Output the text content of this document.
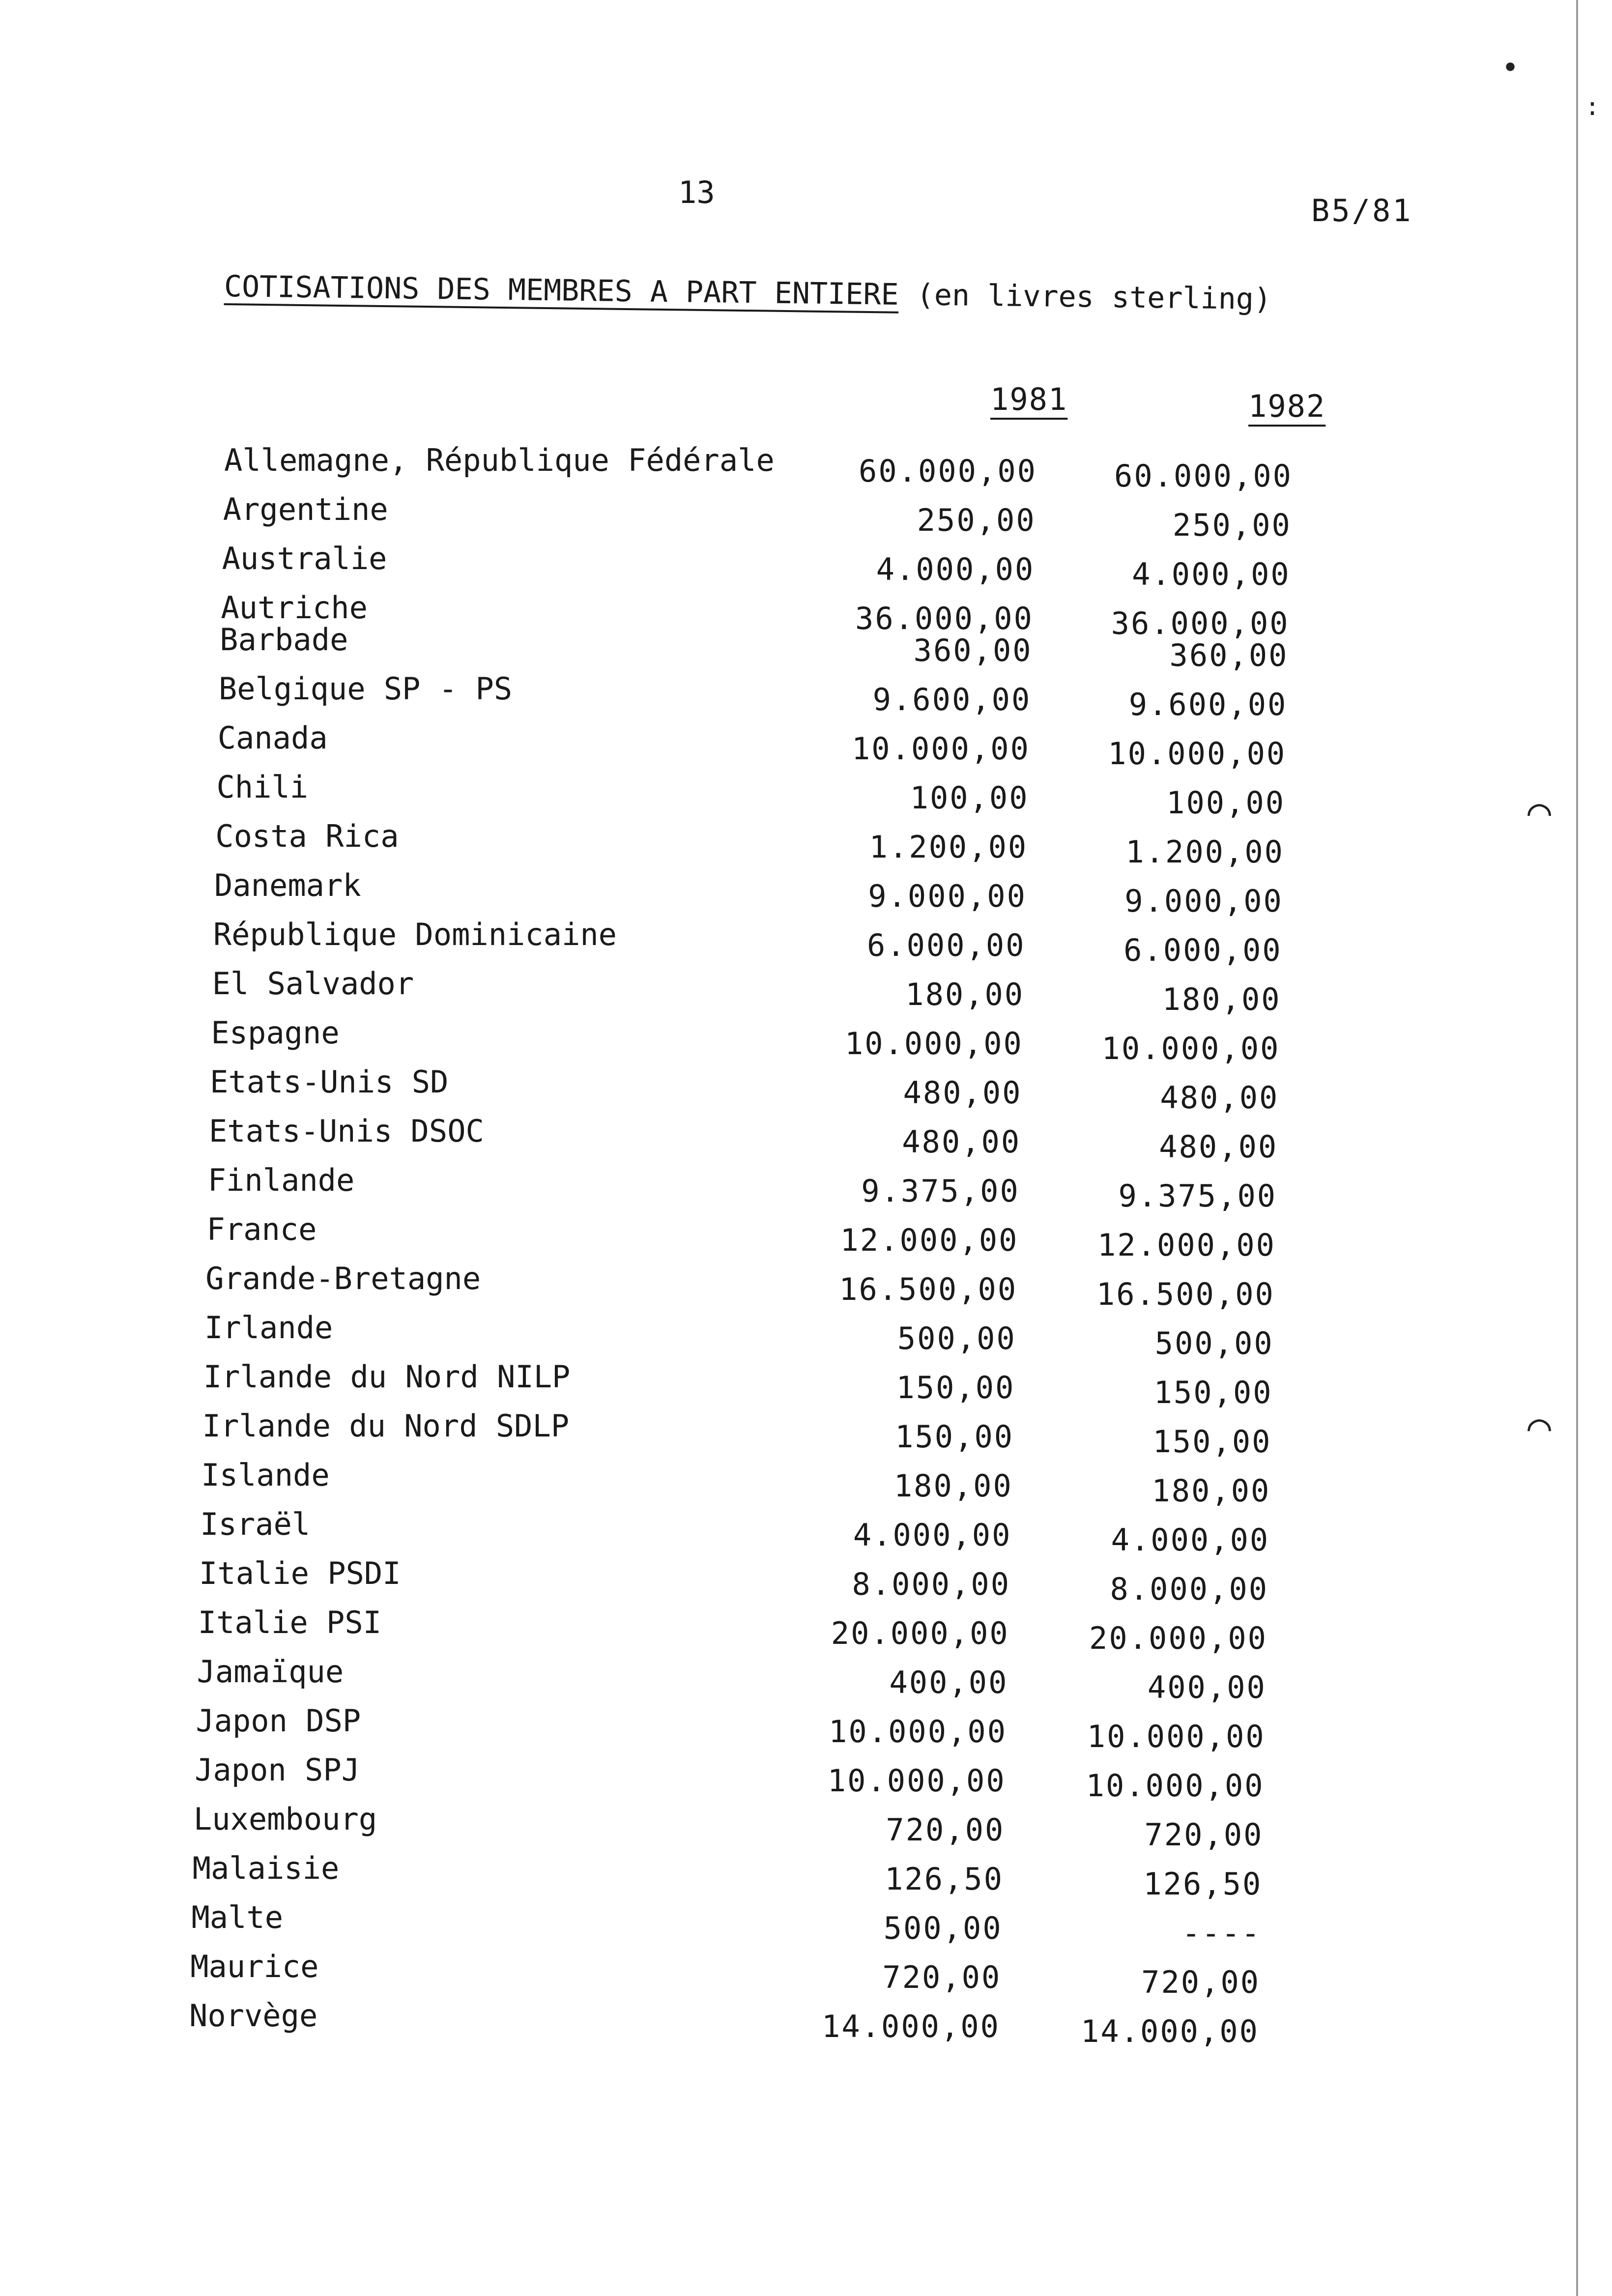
•
:
⌒
⌒
13
B5/81
COTISATIONS DES MEMBRES A PART ENTIERE (en livres sterling)
1981	1982
Allemagne, République Fédérale	60.000,00	60.000,00
Argentine	250,00	250,00
Australie	4.000,00	4.000,00
Autriche	36.000,00	36.000,00
Barbade	360,00	360,00
Belgique SP - PS	9.600,00	9.600,00
Canada	10.000,00	10.000,00
Chili	100,00	100,00
Costa Rica	1.200,00	1.200,00
Danemark	9.000,00	9.000,00
République Dominicaine	6.000,00	6.000,00
El Salvador	180,00	180,00
Espagne	10.000,00	10.000,00
Etats-Unis SD	480,00	480,00
Etats-Unis DSOC	480,00	480,00
Finlande	9.375,00	9.375,00
France	12.000,00	12.000,00
Grande-Bretagne	16.500,00	16.500,00
Irlande	500,00	500,00
Irlande du Nord NILP	150,00	150,00
Irlande du Nord SDLP	150,00	150,00
Islande	180,00	180,00
Israël	4.000,00	4.000,00
Italie PSDI	8.000,00	8.000,00
Italie PSI	20.000,00	20.000,00
Jamaïque	400,00	400,00
Japon DSP	10.000,00	10.000,00
Japon SPJ	10.000,00	10.000,00
Luxembourg	720,00	720,00
Malaisie	126,50	126,50
Malte	500,00	----
Maurice	720,00	720,00
Norvège	14.000,00	14.000,00
